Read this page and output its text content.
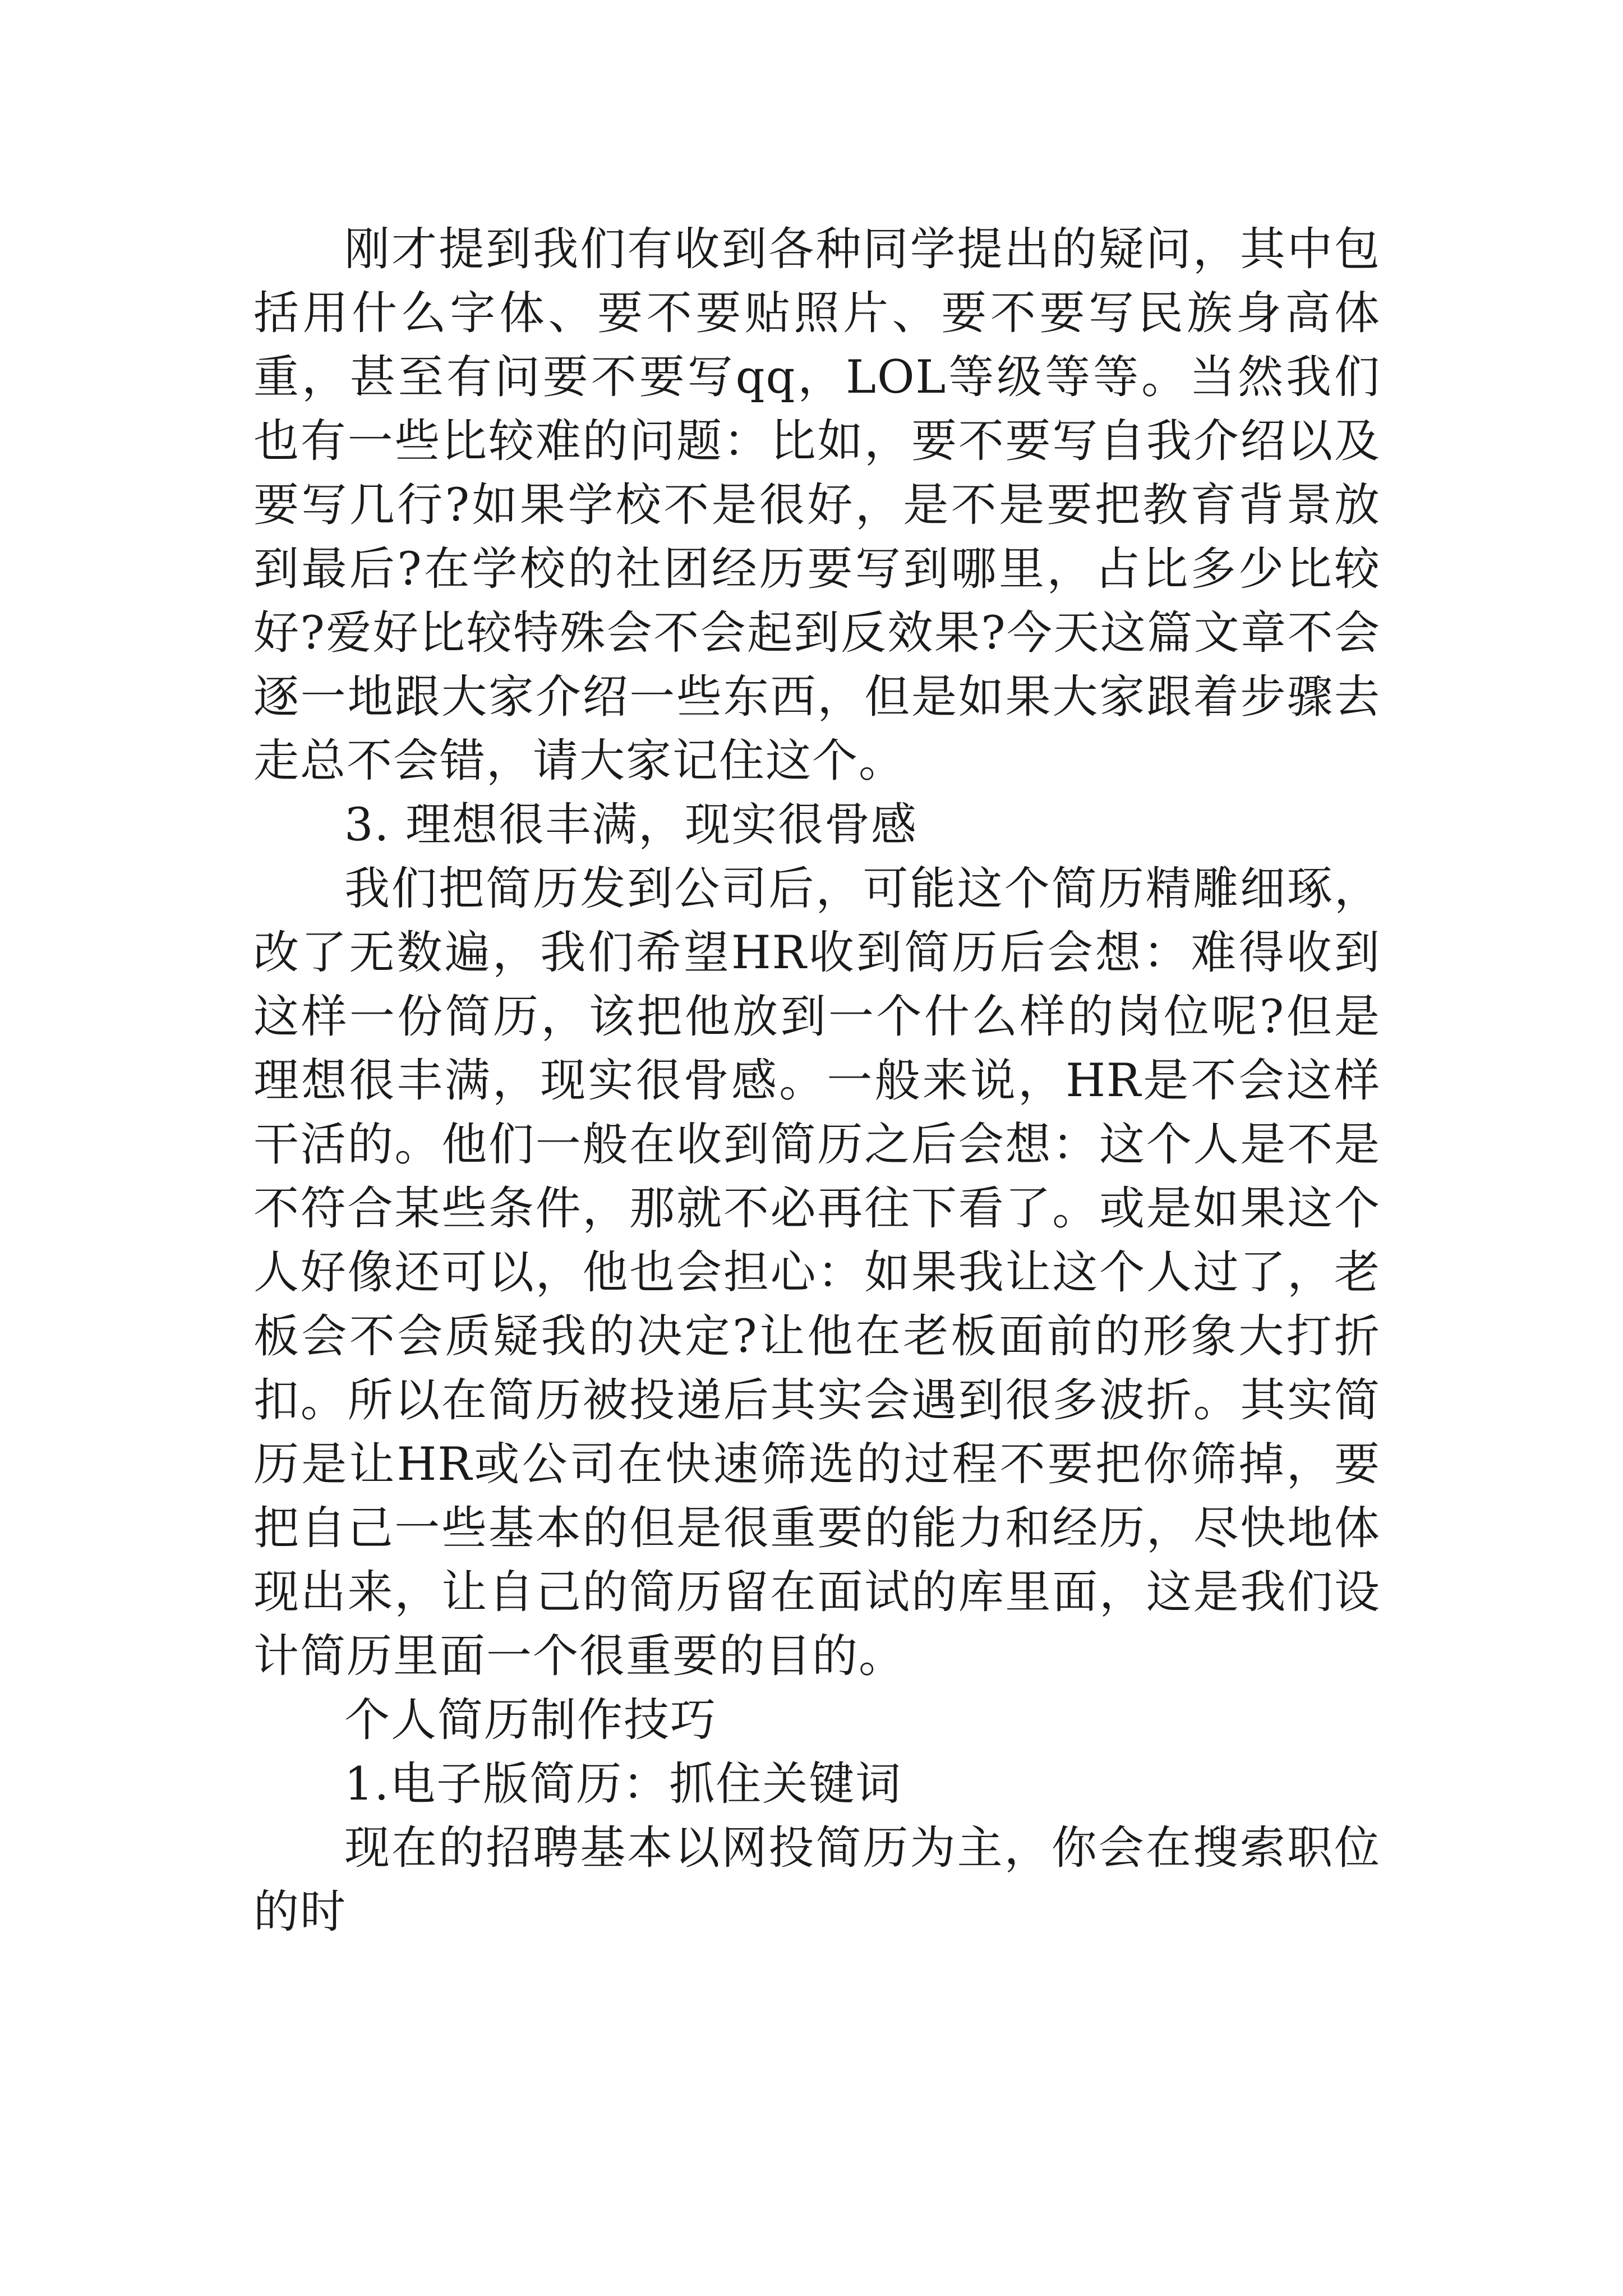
刚才提到我们有收到各种同学提出的疑问，其中包括用什么字体、要不要贴照片、要不要写民族身高体重，甚至有问要不要写qq，LOL等级等等。当然我们也有一些比较难的问题：比如，要不要写自我介绍以及要写几行?如果学校不是很好，是不是要把教育背景放到最后?在学校的社团经历要写到哪里，占比多少比较好?爱好比较特殊会不会起到反效果?今天这篇文章不会逐一地跟大家介绍一些东西，但是如果大家跟着步骤去走总不会错，请大家记住这个。

3. 理想很丰满，现实很骨感

我们把简历发到公司后，可能这个简历精雕细琢，改了无数遍，我们希望HR收到简历后会想：难得收到这样一份简历，该把他放到一个什么样的岗位呢?但是理想很丰满，现实很骨感。一般来说，HR是不会这样干活的。他们一般在收到简历之后会想：这个人是不是不符合某些条件，那就不必再往下看了。或是如果这个人好像还可以，他也会担心：如果我让这个人过了，老板会不会质疑我的决定?让他在老板面前的形象大打折扣。所以在简历被投递后其实会遇到很多波折。其实简历是让HR或公司在快速筛选的过程不要把你筛掉，要把自己一些基本的但是很重要的能力和经历，尽快地体现出来，让自己的简历留在面试的库里面，这是我们设计简历里面一个很重要的目的。

个人简历制作技巧

1.电子版简历：抓住关键词

现在的招聘基本以网投简历为主，你会在搜索职位的时
